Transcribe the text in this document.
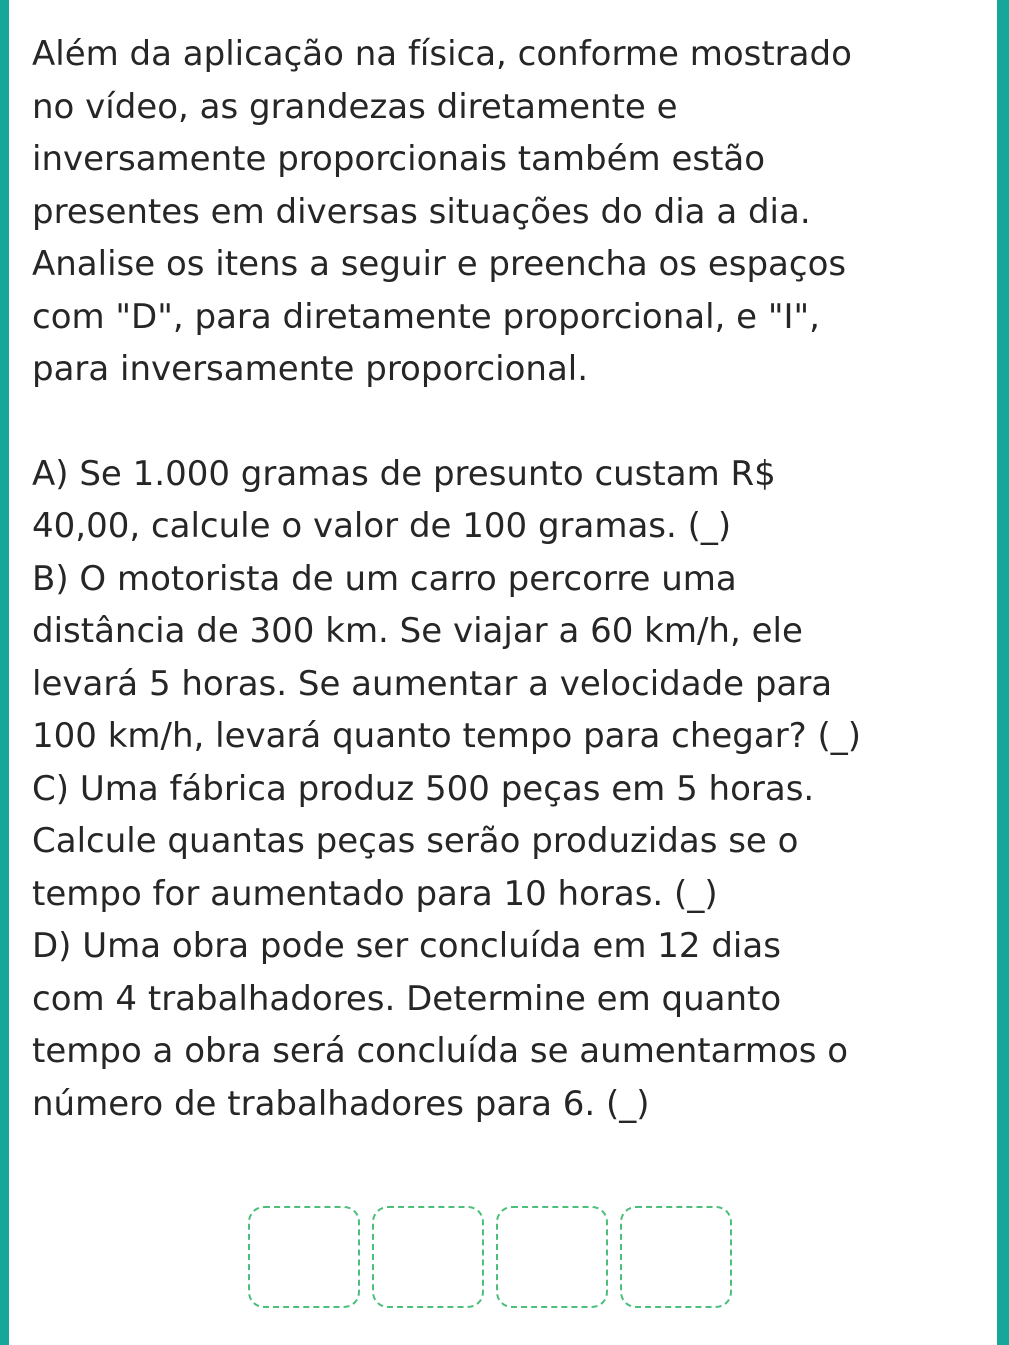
Além da aplicação na física, conforme mostrado
no vídeo, as grandezas diretamente e
inversamente proporcionais também estão
presentes em diversas situações do dia a dia.
Analise os itens a seguir e preencha os espaços
com "D", para diretamente proporcional, e "I",
para inversamente proporcional.

A) Se 1.000 gramas de presunto custam R$
40,00, calcule o valor de 100 gramas. (_)

B) O motorista de um carro percorre uma
distância de 300 km. Se viajar a 60 km/h, ele
levará 5 horas. Se aumentar a velocidade para
100 km/h, levará quanto tempo para chegar? (_)

C) Uma fábrica produz 500 peças em 5 horas.
Calcule quantas peças serão produzidas se o
tempo for aumentado para 10 horas. (_)

D) Uma obra pode ser concluída em 12 dias
com 4 trabalhadores. Determine em quanto
tempo a obra será concluída se aumentarmos o
número de trabalhadores para 6. (_)
